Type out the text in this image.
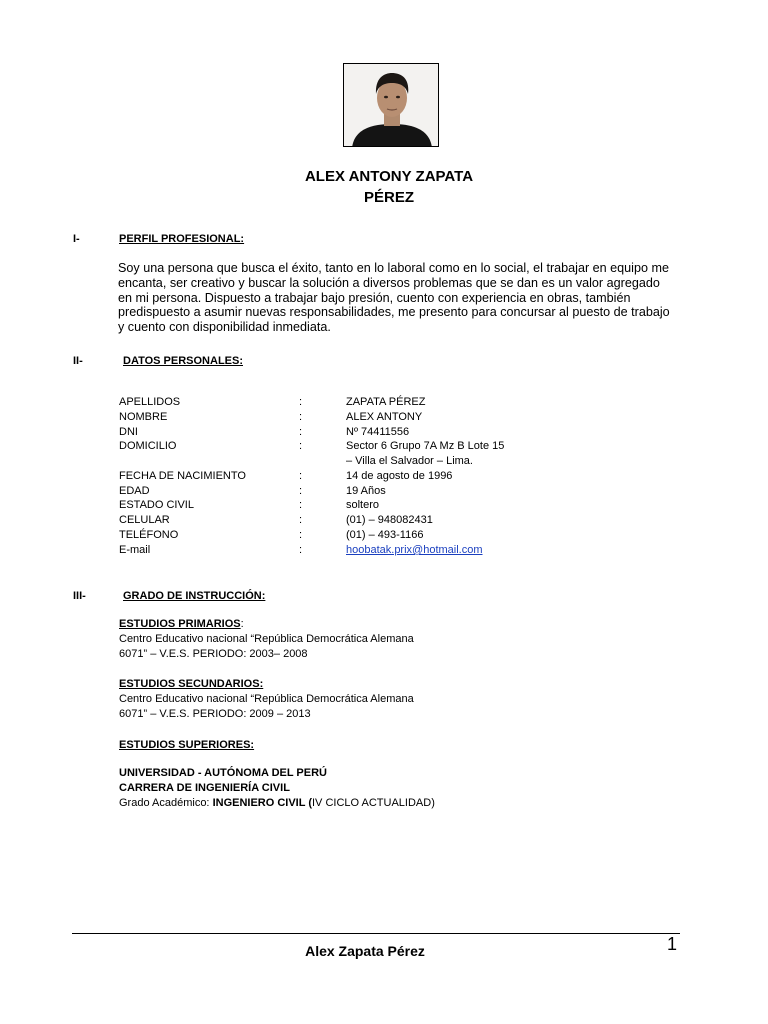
ALEX ANTONY ZAPATA
PÉREZ
I-	PERFIL PROFESIONAL:
Soy una persona que busca el éxito, tanto en lo laboral como en lo social, el trabajar en equipo me
encanta, ser creativo y buscar la solución a diversos problemas que se dan es un valor agregado
en mi persona. Dispuesto a trabajar bajo presión, cuento con experiencia en obras, también
predispuesto a asumir nuevas responsabilidades, me presento para concursar al puesto de trabajo
y cuento con disponibilidad inmediata.
II-	DATOS PERSONALES:
APELLIDOS	:	ZAPATA PÉREZ
NOMBRE	:	ALEX ANTONY
DNI	:	Nº 74411556
DOMICILIO	:	Sector 6 Grupo 7A Mz B Lote 15
– Villa el Salvador – Lima.
FECHA DE NACIMIENTO	:	14 de agosto de 1996
EDAD	:	19 Años
ESTADO CIVIL	:	soltero
CELULAR	:	(01) – 948082431
TELÉFONO	:	(01) – 493-1166
E-mail	:	hoobatak.prix@hotmail.com
III-	GRADO DE INSTRUCCIÓN:
ESTUDIOS PRIMARIOS:
Centro Educativo nacional “República Democrática Alemana
6071” – V.E.S. PERIODO: 2003– 2008
ESTUDIOS SECUNDARIOS:
Centro Educativo nacional “República Democrática Alemana
6071” – V.E.S. PERIODO: 2009 – 2013
ESTUDIOS SUPERIORES:
UNIVERSIDAD - AUTÓNOMA DEL PERÚ
CARRERA DE INGENIERÍA CIVIL
Grado Académico: INGENIERO CIVIL (IV CICLO ACTUALIDAD)
1
Alex Zapata Pérez
